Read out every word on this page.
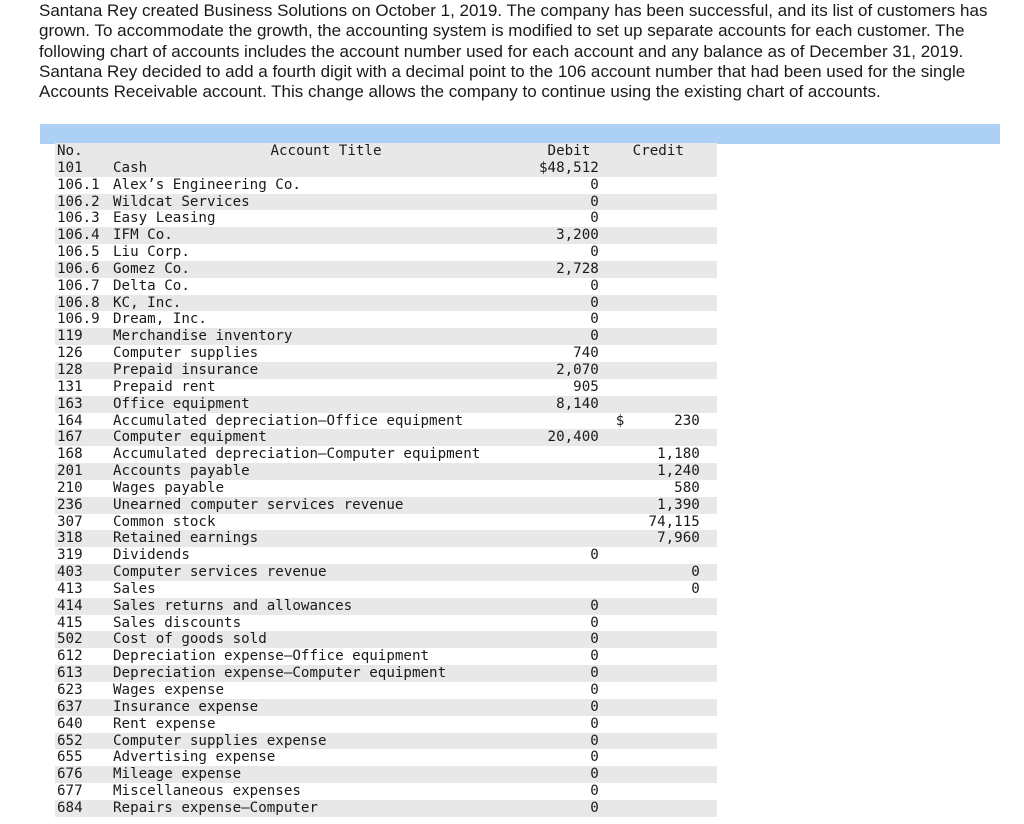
Santana Rey created Business Solutions on October 1, 2019. The company has been successful, and its list of customers has grown. To accommodate the growth, the accounting system is modified to set up separate accounts for each customer. The following chart of accounts includes the account number used for each account and any balance as of December 31, 2019. Santana Rey decided to add a fourth digit with a decimal point to the 106 account number that had been used for the single Accounts Receivable account. This change allows the company to continue using the existing chart of accounts.

No.	Account Title	Debit	Credit
101	Cash	$48,512	
106.1	Alex’s Engineering Co.	0	
106.2	Wildcat Services	0	
106.3	Easy Leasing	0	
106.4	IFM Co.	3,200	
106.5	Liu Corp.	0	
106.6	Gomez Co.	2,728	
106.7	Delta Co.	0	
106.8	KC, Inc.	0	
106.9	Dream, Inc.	0	
119	Merchandise inventory	0	
126	Computer supplies	740	
128	Prepaid insurance	2,070	
131	Prepaid rent	905	
163	Office equipment	8,140	
164	Accumulated depreciation—Office equipment		$ 230

167	Computer equipment	20,400	
168	Accumulated depreciation—Computer equipment		1,180
201	Accounts payable		1,240
210	Wages payable		580
236	Unearned computer services revenue		1,390
307	Common stock		74,115
318	Retained earnings		7,960
319	Dividends	0	
403	Computer services revenue		0
413	Sales		0
414	Sales returns and allowances	0	
415	Sales discounts	0	
502	Cost of goods sold	0	
612	Depreciation expense—Office equipment	0	
613	Depreciation expense—Computer equipment	0	
623	Wages expense	0	
637	Insurance expense	0	
640	Rent expense	0	
652	Computer supplies expense	0	
655	Advertising expense	0	
676	Mileage expense	0	
677	Miscellaneous expenses	0	
684	Repairs expense—Computer	0	
